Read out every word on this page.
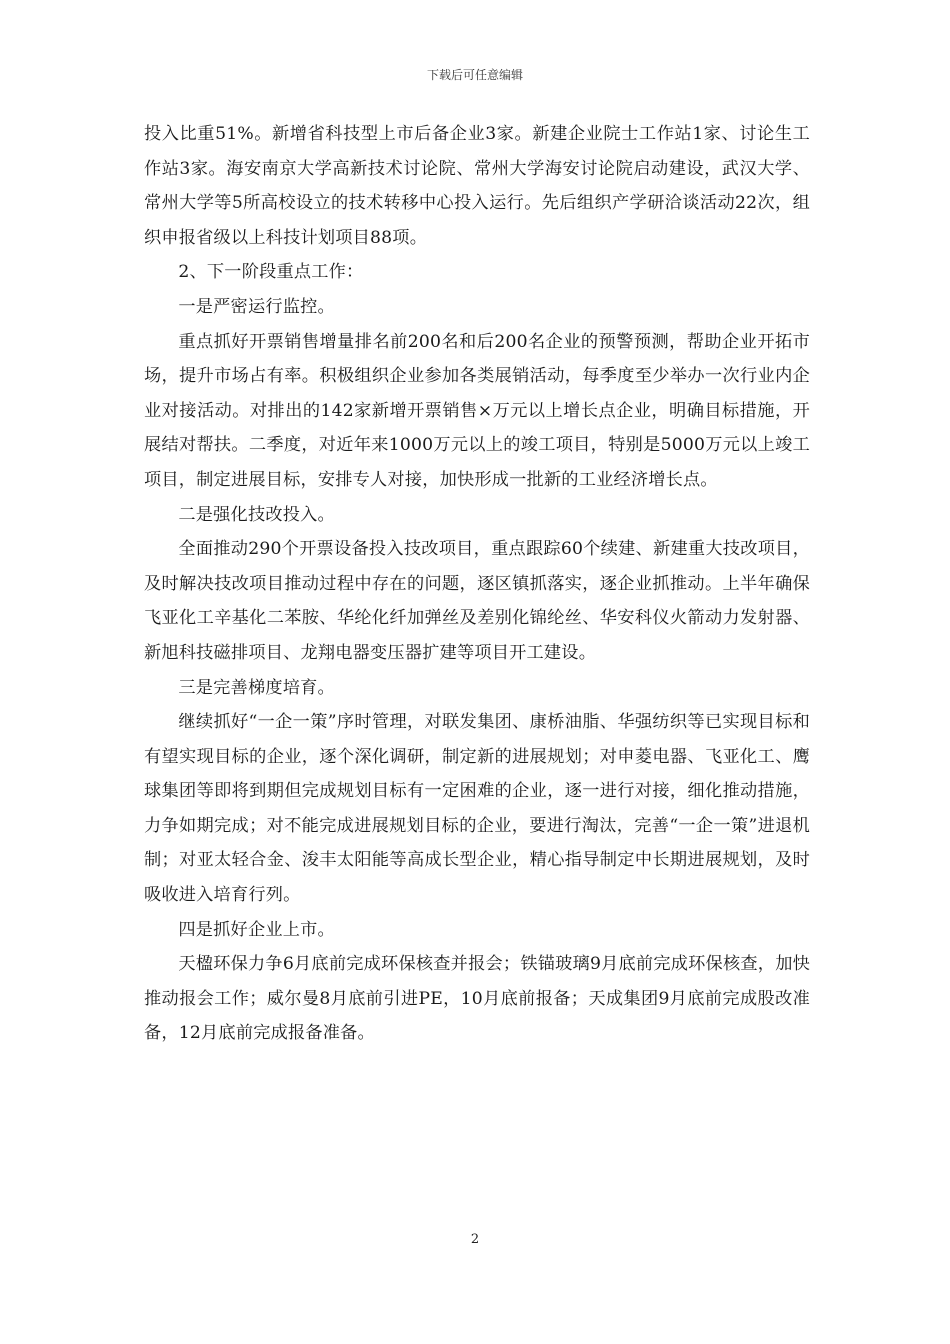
下载后可任意编辑

投入比重51%。新增省科技型上市后备企业3家。新建企业院士工作站1家、讨论生工作站3家。海安南京大学高新技术讨论院、常州大学海安讨论院启动建设，武汉大学、常州大学等5所高校设立的技术转移中心投入运行。先后组织产学研洽谈活动22次，组织申报省级以上科技计划项目88项。

2、下一阶段重点工作：

一是严密运行监控。

重点抓好开票销售增量排名前200名和后200名企业的预警预测，帮助企业开拓市场，提升市场占有率。积极组织企业参加各类展销活动，每季度至少举办一次行业内企业对接活动。对排出的142家新增开票销售×万元以上增长点企业，明确目标措施，开展结对帮扶。二季度，对近年来1000万元以上的竣工项目，特别是5000万元以上竣工项目，制定进展目标，安排专人对接，加快形成一批新的工业经济增长点。

二是强化技改投入。

全面推动290个开票设备投入技改项目，重点跟踪60个续建、新建重大技改项目，及时解决技改项目推动过程中存在的问题，逐区镇抓落实，逐企业抓推动。上半年确保飞亚化工辛基化二苯胺、华纶化纤加弹丝及差别化锦纶丝、华安科仪火箭动力发射器、新旭科技磁排项目、龙翔电器变压器扩建等项目开工建设。

三是完善梯度培育。

继续抓好“一企一策”序时管理，对联发集团、康桥油脂、华强纺织等已实现目标和有望实现目标的企业，逐个深化调研，制定新的进展规划；对申菱电器、飞亚化工、鹰球集团等即将到期但完成规划目标有一定困难的企业，逐一进行对接，细化推动措施，力争如期完成；对不能完成进展规划目标的企业，要进行淘汰，完善“一企一策”进退机制；对亚太轻合金、浚丰太阳能等高成长型企业，精心指导制定中长期进展规划，及时吸收进入培育行列。

四是抓好企业上市。

天楹环保力争6月底前完成环保核查并报会；铁锚玻璃9月底前完成环保核查，加快推动报会工作；威尔曼8月底前引进PE，10月底前报备；天成集团9月底前完成股改准备，12月底前完成报备准备。

2
